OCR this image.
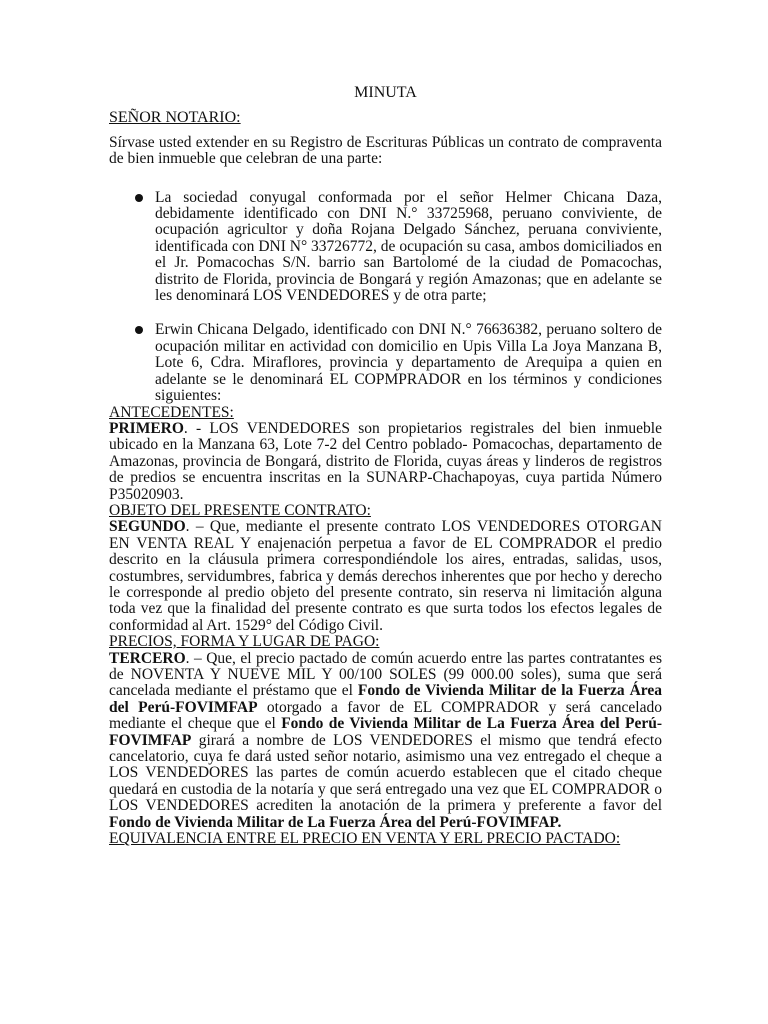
MINUTA
SEÑOR NOTARIO:

Sírvase usted extender en su Registro de Escrituras Públicas un contrato de compraventa de bien inmueble que celebran de una parte:

La sociedad conyugal conformada por el señor Helmer Chicana Daza, debidamente identificado con DNI N.° 33725968, peruano conviviente, de ocupación agricultor y doña Rojana Delgado Sánchez, peruana conviviente, identificada con DNI N° 33726772, de ocupación su casa, ambos domiciliados en el Jr. Pomacochas S/N. barrio san Bartolomé de la ciudad de Pomacochas, distrito de Florida, provincia de Bongará y región Amazonas; que en adelante se les denominará LOS VENDEDORES y de otra parte;
Erwin Chicana Delgado, identificado con DNI N.° 76636382, peruano soltero de ocupación militar en actividad con domicilio en Upis Villa La Joya Manzana B, Lote 6, Cdra. Miraflores, provincia y departamento de Arequipa a quien en adelante se le denominará EL COPMPRADOR en los términos y condiciones siguientes:
ANTECEDENTES:

PRIMERO. - LOS VENDEDORES son propietarios registrales del bien inmueble ubicado en la Manzana 63, Lote 7-2 del Centro poblado- Pomacochas, departamento de Amazonas, provincia de Bongará, distrito de Florida, cuyas áreas y linderos de registros de predios se encuentra inscritas en la SUNARP-Chachapoyas, cuya partida Número P35020903.

OBJETO DEL PRESENTE CONTRATO:

SEGUNDO. – Que, mediante el presente contrato LOS VENDEDORES OTORGAN EN VENTA REAL Y enajenación perpetua a favor de EL COMPRADOR el predio descrito en la cláusula primera correspondiéndole los aires, entradas, salidas, usos, costumbres, servidumbres, fabrica y demás derechos inherentes que por hecho y derecho le corresponde al predio objeto del presente contrato, sin reserva ni limitación alguna toda vez que la finalidad del presente contrato es que surta todos los efectos legales de conformidad al Art. 1529° del Código Civil.

PRECIOS, FORMA Y LUGAR DE PAGO:

TERCERO. – Que, el precio pactado de común acuerdo entre las partes contratantes es de NOVENTA Y NUEVE MIL Y 00/100 SOLES (99 000.00 soles), suma que será cancelada mediante el préstamo que el Fondo de Vivienda Militar de la Fuerza Área del Perú-FOVIMFAP otorgado a favor de EL COMPRADOR y será cancelado mediante el cheque que el Fondo de Vivienda Militar de La Fuerza Área del Perú-FOVIMFAP girará a nombre de LOS VENDEDORES el mismo que tendrá efecto cancelatorio, cuya fe dará usted señor notario, asimismo una vez entregado el cheque a LOS VENDEDORES las partes de común acuerdo establecen que el citado cheque quedará en custodia de la notaría y que será entregado una vez que EL COMPRADOR o LOS VENDEDORES acrediten la anotación de la primera y preferente a favor del Fondo de Vivienda Militar de La Fuerza Área del Perú-FOVIMFAP.

EQUIVALENCIA ENTRE EL PRECIO EN VENTA Y ERL PRECIO PACTADO:
